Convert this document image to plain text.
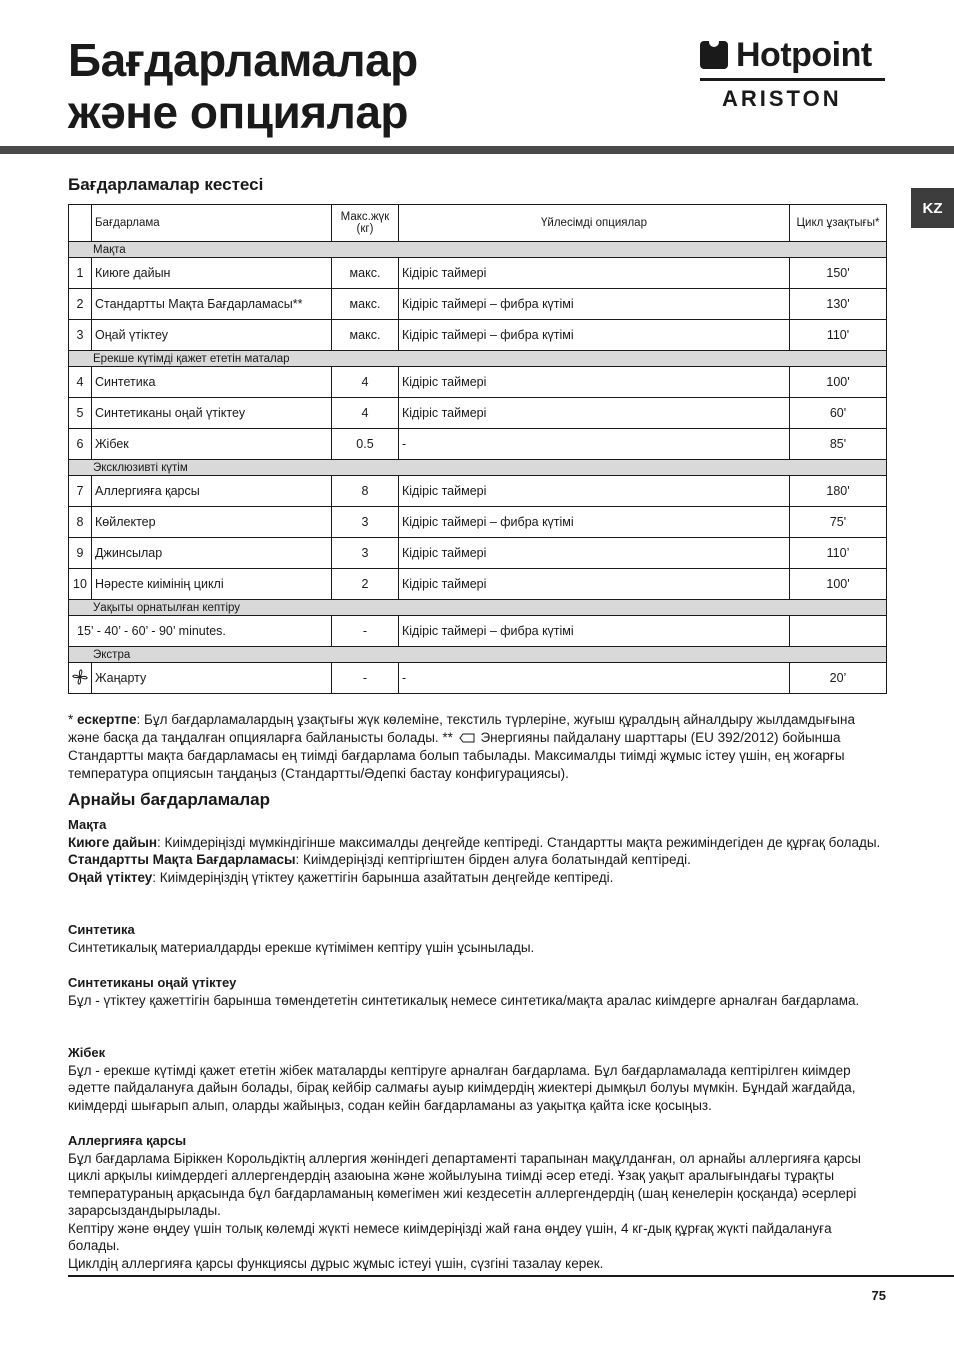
Бағдарламалар
және опциялар
Hotpoint
ARISTON
KZ
Бағдарламалар кестесі
	Бағдарлама	Макс.жүк (кг)	Үйлесімді опциялар	Цикл ұзақтығы*
Мақта				
1	Киюге дайын	макс.	Кідіріс таймері	150'
2	Стандартты Мақта Бағдарламасы**	макс.	Кідіріс таймері – фибра күтімі	130'
3	Оңай үтіктеу	макс.	Кідіріс таймері – фибра күтімі	110'
Ерекше күтімді қажет ететін маталар				
4	Синтетика	4	Кідіріс таймері	100'
5	Синтетиканы оңай үтіктеу	4	Кідіріс таймері	60'
6	Жібек	0.5	-	85'
Эксклюзивті күтім				
7	Аллергияға қарсы	8	Кідіріс таймері	180'
8	Көйлектер	3	Кідіріс таймері – фибра күтімі	75'
9	Джинсылар	3	Кідіріс таймері	110’
10	Нәресте киімінің циклі	2	Кідіріс таймері	100'
Уақыты орнатылған кептіру				
15’ - 40’ - 60’ - 90’ minutes.		-	Кідіріс таймері – фибра күтімі	
Экстра				
	Жаңарту	-	-	20’
* ескертпе: Бұл бағдарламалардың ұзақтығы жүк көлеміне, текстиль түрлеріне, жуғыш құралдың айналдыру жылдамдығына және басқа да таңдалған опцияларға байланысты болады. ** Энергияны пайдалану шарттары (EU 392/2012) бойынша Стандартты мақта бағдарламасы ең тиімді бағдарлама болып табылады. Максималды тиімді жұмыс істеу үшін, ең жоғарғы температура опциясын таңдаңыз (Стандартты/Әдепкі бастау конфигурациясы).
Арнайы бағдарламалар
Мақта
Киюге дайын: Киімдеріңізді мүмкіндігінше максималды деңгейде кептіреді. Стандартты мақта режиміндегіден де құрғақ болады.
Стандартты Мақта Бағдарламасы: Киімдеріңізді кептіргіштен бірден алуға болатындай кептіреді.
Оңай үтіктеу: Киімдеріңіздің үтіктеу қажеттігін барынша азайтатын деңгейде кептіреді.
Синтетика
Синтетикалық материалдарды ерекше күтімімен кептіру үшін ұсынылады.
Синтетиканы оңай үтіктеу
Бұл - үтіктеу қажеттігін барынша төмендететін синтетикалық немесе синтетика/мақта аралас киімдерге арналған бағдарлама.
Жібек
Бұл - ерекше күтімді қажет ететін жібек маталарды кептіруге арналған бағдарлама. Бұл бағдарламалада кептірілген киімдер әдетте пайдалануға дайын болады, бірақ кейбір салмағы ауыр киімдердің жиектері дымқыл болуы мүмкін. Бұндай жағдайда, киімдерді шығарып алып, оларды жайыңыз, содан кейін бағдарламаны аз уақытқа қайта іске қосыңыз.
Аллергияға қарсы
Бұл бағдарлама Біріккен Корольдіктің аллергия жөніндегі департаменті тарапынан мақұлданған, ол арнайы аллергияға қарсы циклі арқылы киімдердегі аллергендердің азаюына және жойылуына тиімді әсер етеді. Ұзақ уақыт аралығындағы тұрақты температураның арқасында бұл бағдарламаның көмегімен жиі кездесетін аллергендердің (шаң кенелерін қосқанда) әсерлері зарарсыздандырылады.
Кептіру және өңдеу үшін толық көлемді жүкті немесе киімдеріңізді жай ғана өңдеу үшін, 4 кг-дық құрғақ жүкті пайдалануға болады.
Циклдің аллергияға қарсы функциясы дұрыс жұмыс істеуі үшін, сүзгіні тазалау керек.
75
